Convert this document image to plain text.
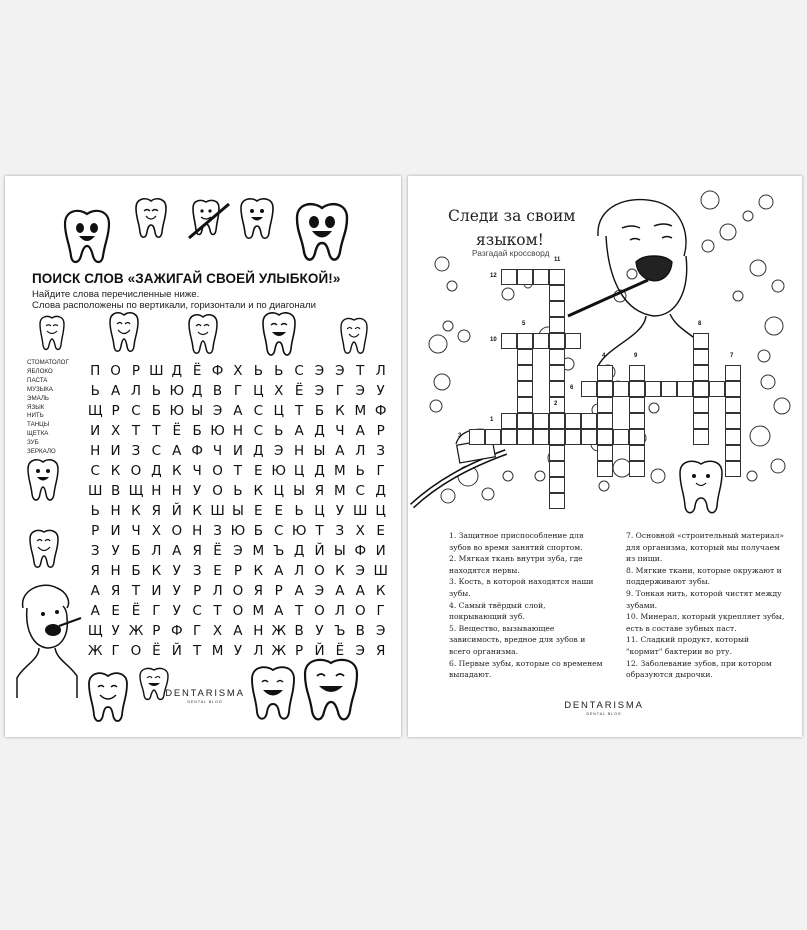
ПОИСК СЛОВ «ЗАЖИГАЙ СВОЕЙ УЛЫБКОЙ!»
Найдите слова перечисленные ниже.
Слова расположены по вертикали, горизонтали и по диагонали
СТОМАТОЛОГ
ЯБЛОКО
ПАСТА
МУЗЫКА
ЭМАЛЬ
ЯЗЫК
НИТЬ
ТАНЦЫ
ЩЕТКА
ЗУБ
ЗЕРКАЛО
П	О	Р	Ш	Д	Ё	Ф	Х	Ь	Ь	С	Э	Э	Т	Л
Ь	А	Л	Ь	Ю	Д	В	Г	Ц	Х	Ё	Э	Г	Э	У
Щ	Р	С	Б	Ю	Ы	Э	А	С	Ц	Т	Б	К	М	Ф
И	Х	Т	Т	Ё	Б	Ю	Н	С	Ь	А	Д	Ч	А	Р
Н	И	З	С	А	Ф	Ч	И	Д	Э	Н	Ы	А	Л	З
С	К	О	Д	К	Ч	О	Т	Е	Ю	Ц	Д	М	Ь	Г
Ш	В	Щ	Н	Н	У	О	Ь	К	Ц	Ы	Я	М	С	Д
Ь	Н	К	Я	Й	К	Ш	Ы	Е	Е	Ь	Ц	У	Ш	Ц
Р	И	Ч	Х	О	Н	З	Ю	Б	С	Ю	Т	З	Х	Е
З	У	Б	Л	А	Я	Ё	Э	М	Ъ	Д	Й	Ы	Ф	И
Я	Н	Б	К	У	З	Е	Р	К	А	Л	О	К	Э	Ш
А	Я	Т	И	У	Р	Л	О	Я	Р	А	Э	А	А	К
А	Е	Ё	Г	У	С	Т	О	М	А	Т	О	Л	О	Г
Щ	У	Ж	Р	Ф	Г	Х	А	Н	Ж	В	У	Ъ	В	Э
Ж	Г	О	Ё	Й	Т	М	У	Л	Ж	Р	Й	Ё	Э	Я
DENTARISMA
DENTAL BLOG
Следи за своим
языком!
Разгадай кроссворд
1
2
3
4
5
6
7
8
9
10
11
12
1. Защитное приспособление для зубов во время занятий спортом.
2. Мягкая ткань внутри зуба, где находятся нервы.
3. Кость, в которой находятся наши зубы.
4. Самый твёрдый слой, покрывающий зуб.
5. Вещество, вызывающее зависимость, вредное для зубов и всего организма.
6. Первые зубы, которые со временем выпадают.
7. Основной «строительный материал» для организма, который мы получаем из пищи.
8. Мягкие ткани, которые окружают и поддерживают зубы.
9. Тонкая нить, которой чистят между зубами.
10. Минерал, который укрепляет зубы, есть в составе зубных паст.
11. Сладкий продукт, который "кормит" бактерии во рту.
12. Заболевание зубов, при котором образуются дырочки.
DENTARISMA
DENTAL BLOG
